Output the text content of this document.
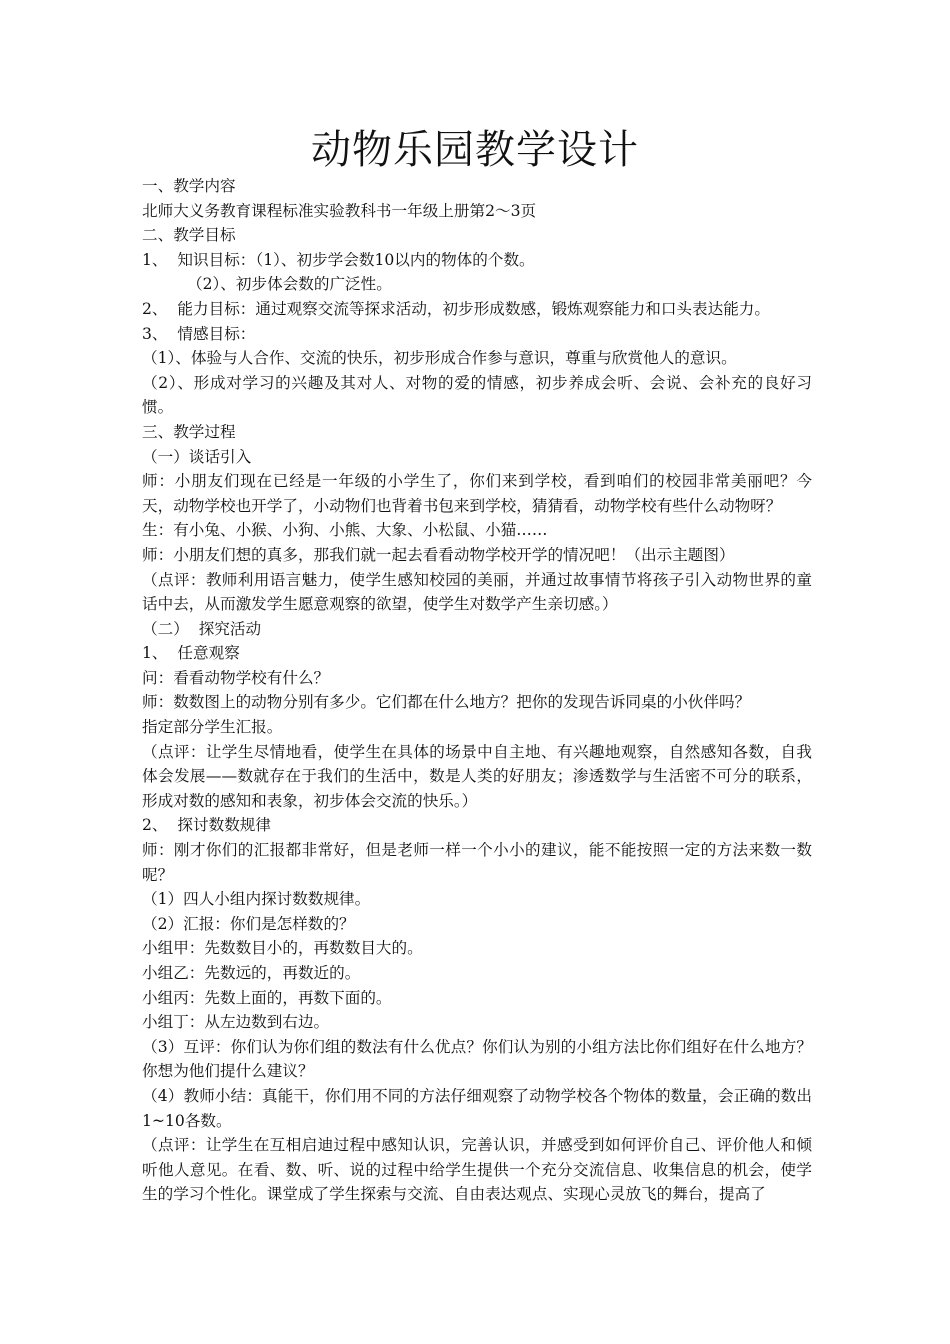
动物乐园教学设计

一、教学内容

北师大义务教育课程标准实验教科书一年级上册第2～3页

二、教学目标

1、  知识目标：（1）、初步学会数10以内的物体的个数。

（2）、初步体会数的广泛性。

2、  能力目标：通过观察交流等探求活动，初步形成数感，锻炼观察能力和口头表达能力。

3、  情感目标：

（1）、体验与人合作、交流的快乐，初步形成合作参与意识，尊重与欣赏他人的意识。

（2）、形成对学习的兴趣及其对人、对物的爱的情感，初步养成会听、会说、会补充的良好习惯。

三、教学过程

（一）谈话引入

师：小朋友们现在已经是一年级的小学生了，你们来到学校，看到咱们的校园非常美丽吧？今天，动物学校也开学了，小动物们也背着书包来到学校，猜猜看，动物学校有些什么动物呀？

生：有小兔、小猴、小狗、小熊、大象、小松鼠、小猫……

师：小朋友们想的真多，那我们就一起去看看动物学校开学的情况吧！（出示主题图）

（点评：教师利用语言魅力，使学生感知校园的美丽，并通过故事情节将孩子引入动物世界的童话中去，从而激发学生愿意观察的欲望，使学生对数学产生亲切感。）

（二）  探究活动

1、  任意观察

问：看看动物学校有什么？

师：数数图上的动物分别有多少。它们都在什么地方？把你的发现告诉同桌的小伙伴吗？

指定部分学生汇报。

（点评：让学生尽情地看，使学生在具体的场景中自主地、有兴趣地观察，自然感知各数，自我体会发展——数就存在于我们的生活中，数是人类的好朋友；渗透数学与生活密不可分的联系，形成对数的感知和表象，初步体会交流的快乐。）

2、  探讨数数规律

师：刚才你们的汇报都非常好，但是老师一样一个小小的建议，能不能按照一定的方法来数一数呢？

（1）四人小组内探讨数数规律。

（2）汇报：你们是怎样数的？

小组甲：先数数目小的，再数数目大的。

小组乙：先数远的，再数近的。

小组丙：先数上面的，再数下面的。

小组丁：从左边数到右边。

（3）互评：你们认为你们组的数法有什么优点？你们认为别的小组方法比你们组好在什么地方？你想为他们提什么建议？

（4）教师小结：真能干，你们用不同的方法仔细观察了动物学校各个物体的数量，会正确的数出1~10各数。

（点评：让学生在互相启迪过程中感知认识，完善认识，并感受到如何评价自己、评价他人和倾听他人意见。在看、数、听、说的过程中给学生提供一个充分交流信息、收集信息的机会，使学生的学习个性化。课堂成了学生探索与交流、自由表达观点、实现心灵放飞的舞台，提高了
